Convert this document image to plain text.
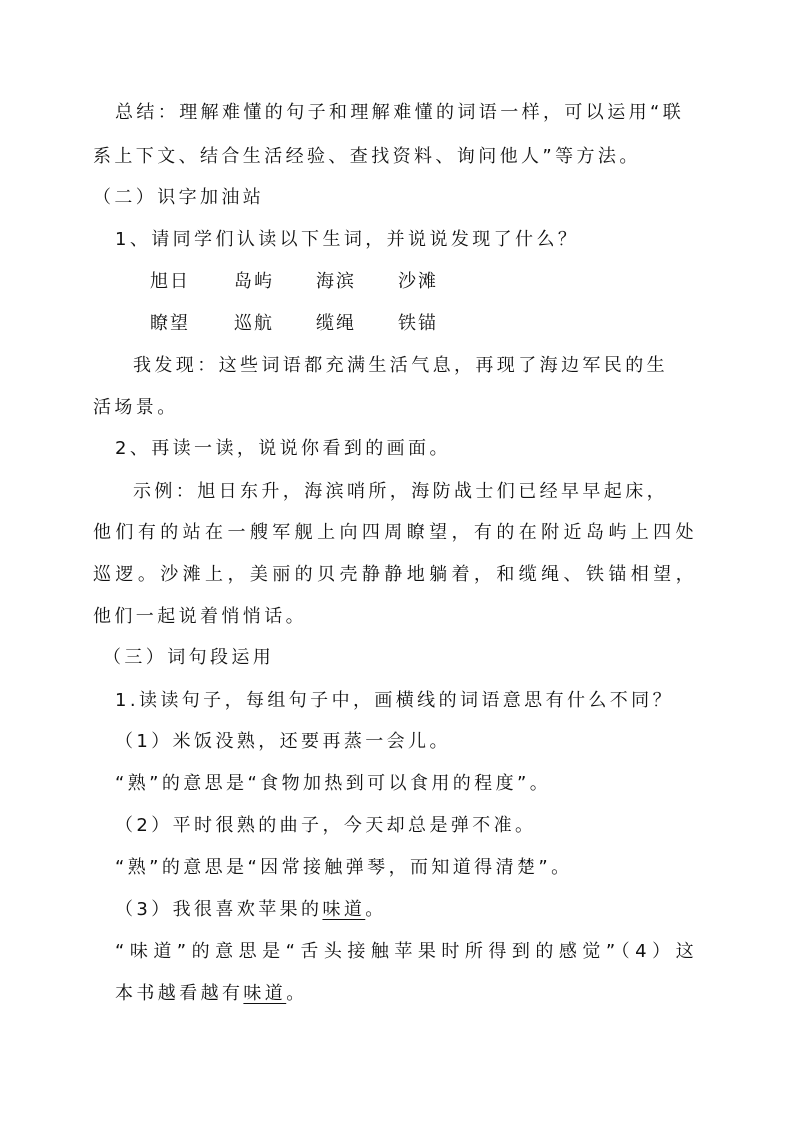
总结：理解难懂的句子和理解难懂的词语一样，可以运用“联
系上下文、结合生活经验、查找资料、询问他人”等方法。
（二）识字加油站
1、请同学们认读以下生词，并说说发现了什么？
旭日 岛屿 海滨 沙滩
瞭望 巡航 缆绳 铁锚
我发现：这些词语都充满生活气息，再现了海边军民的生
活场景。
2、再读一读，说说你看到的画面。
示例：旭日东升，海滨哨所，海防战士们已经早早起床，
他们有的站在一艘军舰上向四周瞭望，有的在附近岛屿上四处
巡逻。沙滩上，美丽的贝壳静静地躺着，和缆绳、铁锚相望，
他们一起说着悄悄话。
（三）词句段运用
1.读读句子，每组句子中，画横线的词语意思有什么不同？
（1）米饭没熟，还要再蒸一会儿。
“熟”的意思是“食物加热到可以食用的程度”。
（2）平时很熟的曲子，今天却总是弹不准。
“熟”的意思是“因常接触弹琴，而知道得清楚”。
（3）我很喜欢苹果的味道。
“味道”的意思是“舌头接触苹果时所得到的感觉”（4）这
本书越看越有味道。
